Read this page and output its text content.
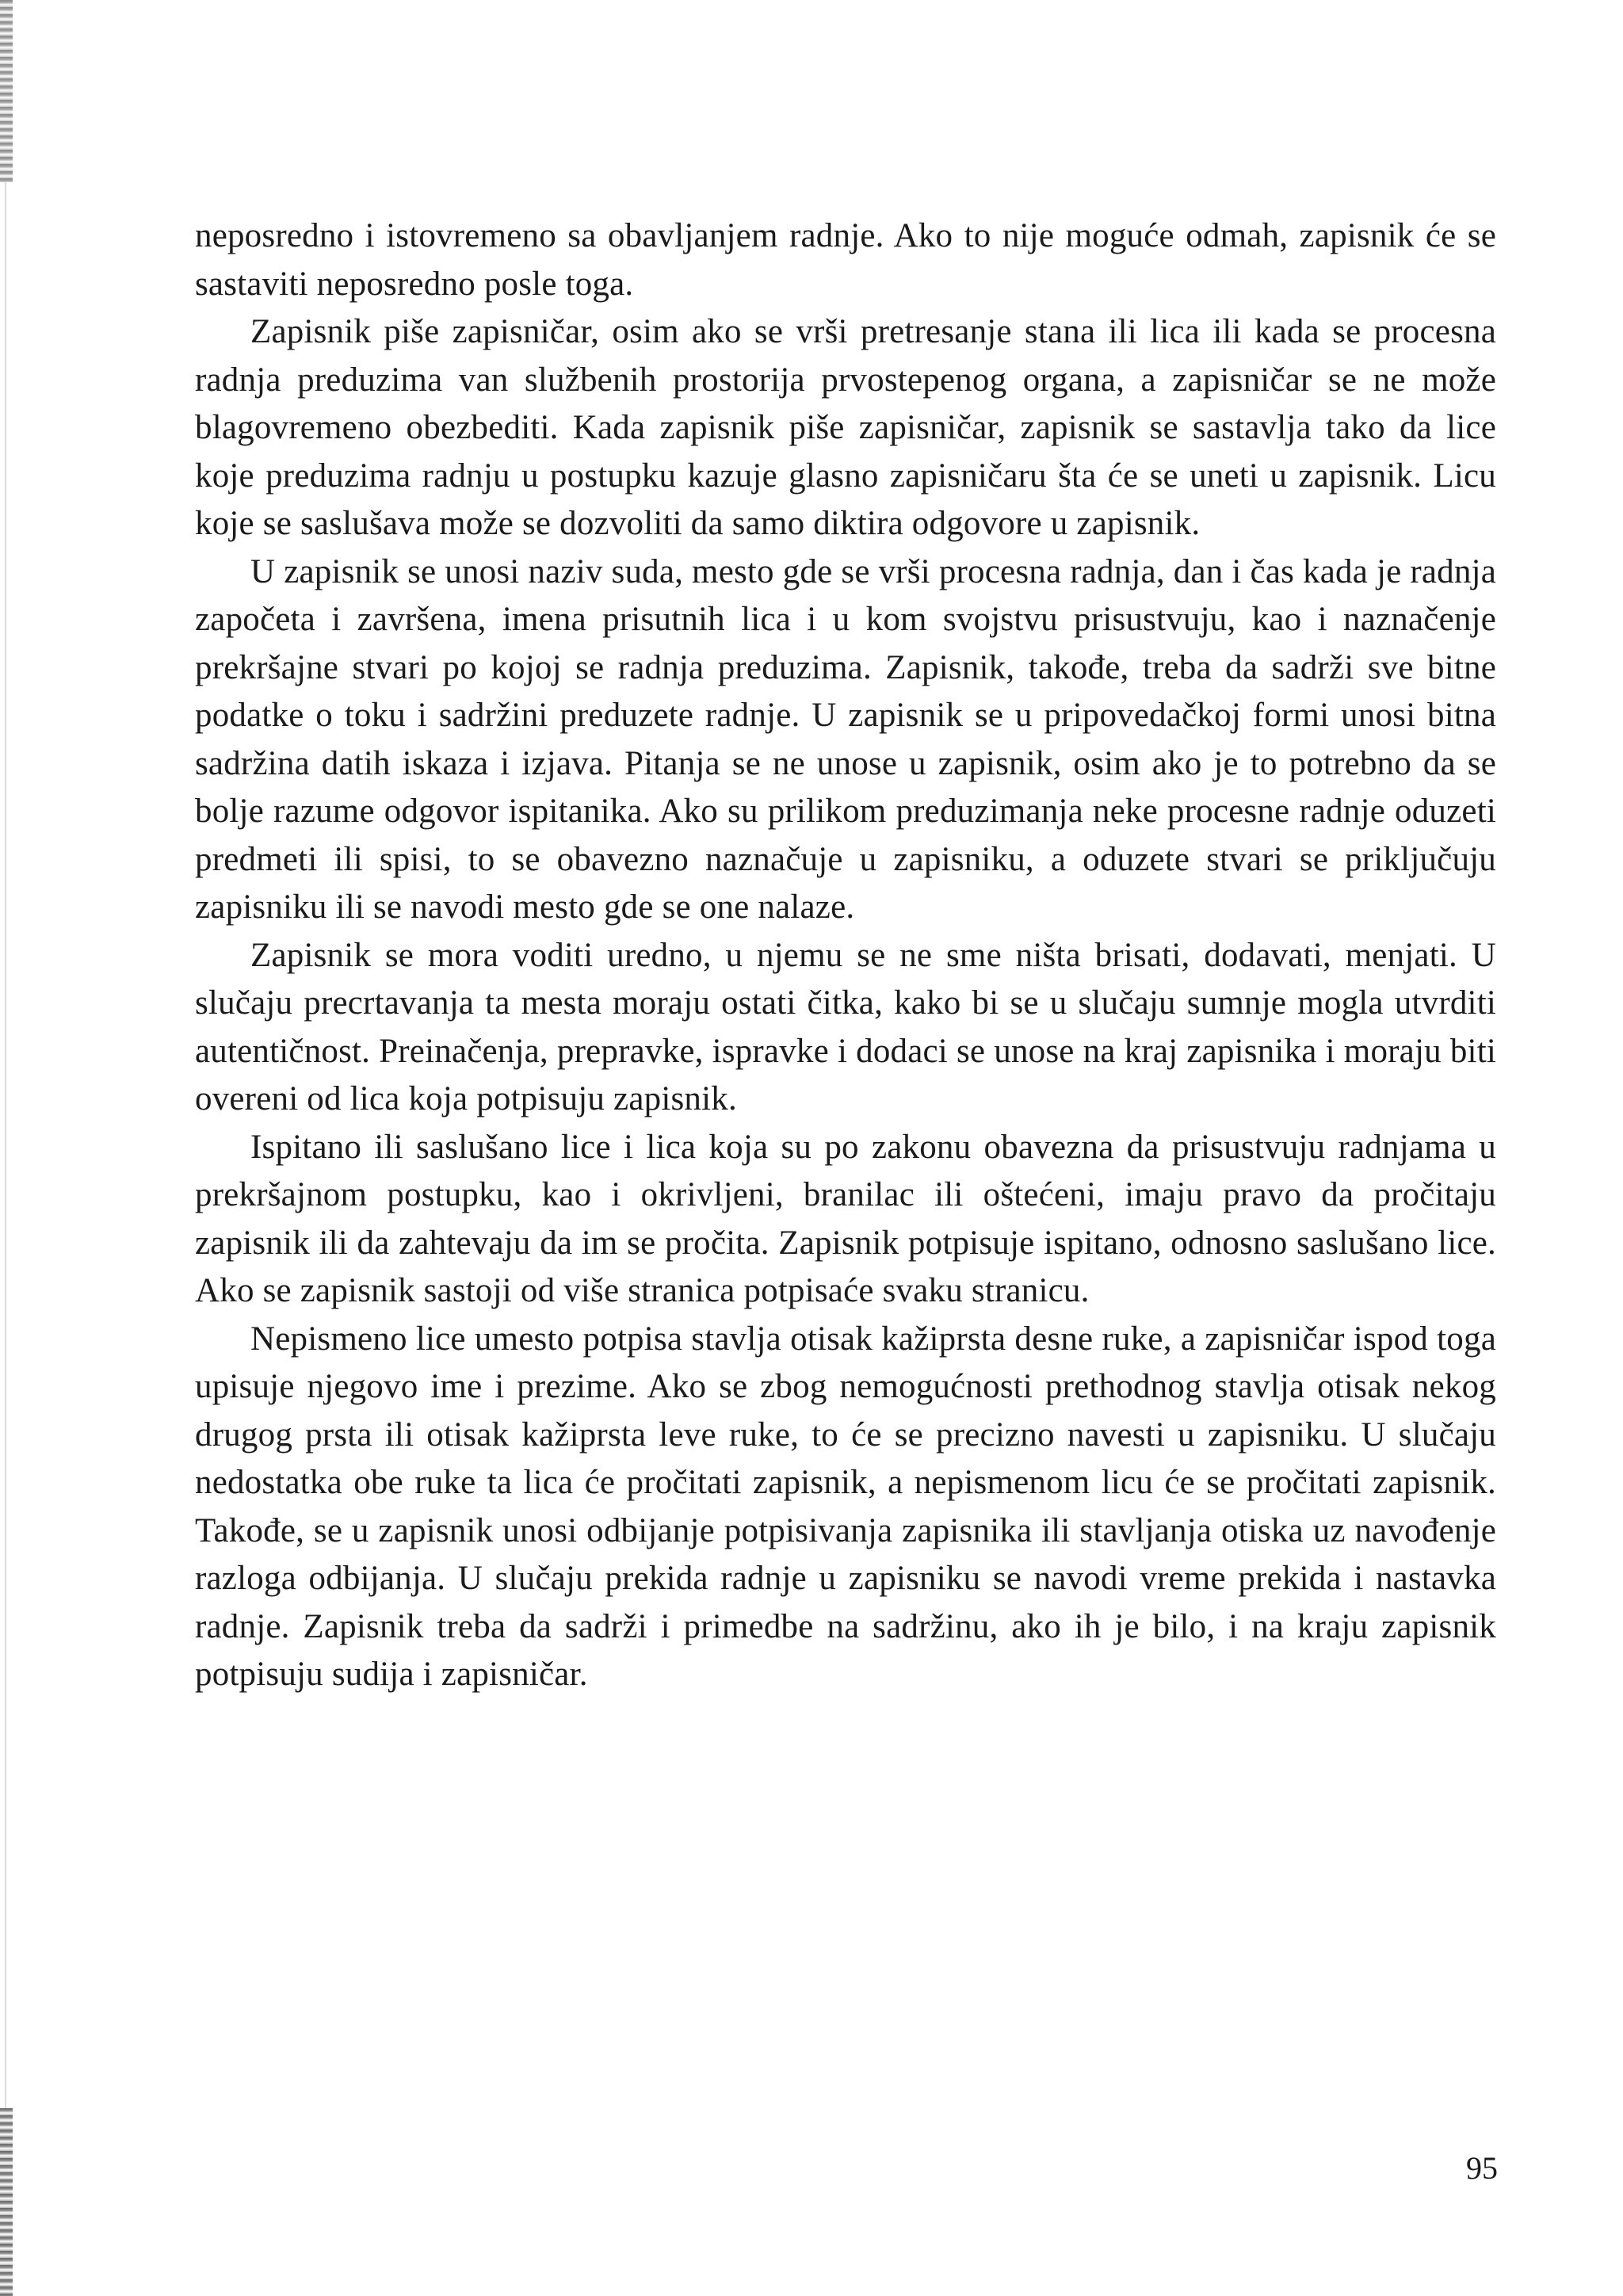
neposredno i istovremeno sa obavljanjem radnje. Ako to nije moguće odmah, zapisnik će se sastaviti neposredno posle toga.

Zapisnik piše zapisničar, osim ako se vrši pretresanje stana ili lica ili kada se procesna radnja preduzima van službenih prostorija prvostepenog organa, a zapisničar se ne može blagovremeno obezbediti. Kada zapisnik piše zapisničar, zapisnik se sastavlja tako da lice koje preduzima radnju u postupku kazuje glasno zapisničaru šta će se uneti u zapisnik. Licu koje se saslušava može se dozvoliti da samo diktira odgovore u zapisnik.

U zapisnik se unosi naziv suda, mesto gde se vrši procesna radnja, dan i čas kada je radnja započeta i završena, imena prisutnih lica i u kom svojstvu prisustvuju, kao i naznačenje prekršajne stvari po kojoj se radnja preduzima. Zapisnik, takođe, treba da sadrži sve bitne podatke o toku i sadržini preduzete radnje. U zapisnik se u pripovedačkoj formi unosi bitna sadržina datih iskaza i izjava. Pitanja se ne unose u zapisnik, osim ako je to potrebno da se bolje razume odgovor ispitanika. Ako su prilikom preduzimanja neke procesne radnje oduzeti predmeti ili spisi, to se obavezno naznačuje u zapisniku, a oduzete stvari se priključuju zapisniku ili se navodi mesto gde se one nalaze.

Zapisnik se mora voditi uredno, u njemu se ne sme ništa brisati, dodavati, menjati. U slučaju precrtavanja ta mesta moraju ostati čitka, kako bi se u slučaju sumnje mogla utvrditi autentičnost. Preinačenja, prepravke, ispravke i dodaci se unose na kraj zapisnika i moraju biti overeni od lica koja potpisuju zapisnik.

Ispitano ili saslušano lice i lica koja su po zakonu obavezna da prisustvuju radnjama u prekršajnom postupku, kao i okrivljeni, branilac ili oštećeni, imaju pravo da pročitaju zapisnik ili da zahtevaju da im se pročita. Zapisnik potpisuje ispitano, odnosno saslušano lice. Ako se zapisnik sastoji od više stranica potpisaće svaku stranicu.

Nepismeno lice umesto potpisa stavlja otisak kažiprsta desne ruke, a zapisničar ispod toga upisuje njegovo ime i prezime. Ako se zbog nemogućnosti prethodnog stavlja otisak nekog drugog prsta ili otisak kažiprsta leve ruke, to će se precizno navesti u zapisniku. U slučaju nedostatka obe ruke ta lica će pročitati zapisnik, a nepismenom licu će se pročitati zapisnik. Takođe, se u zapisnik unosi odbijanje potpisivanja zapisnika ili stavljanja otiska uz navođenje razloga odbijanja. U slučaju prekida radnje u zapisniku se navodi vreme prekida i nastavka radnje. Zapisnik treba da sadrži i primedbe na sadržinu, ako ih je bilo, i na kraju zapisnik potpisuju sudija i zapisničar.

95
